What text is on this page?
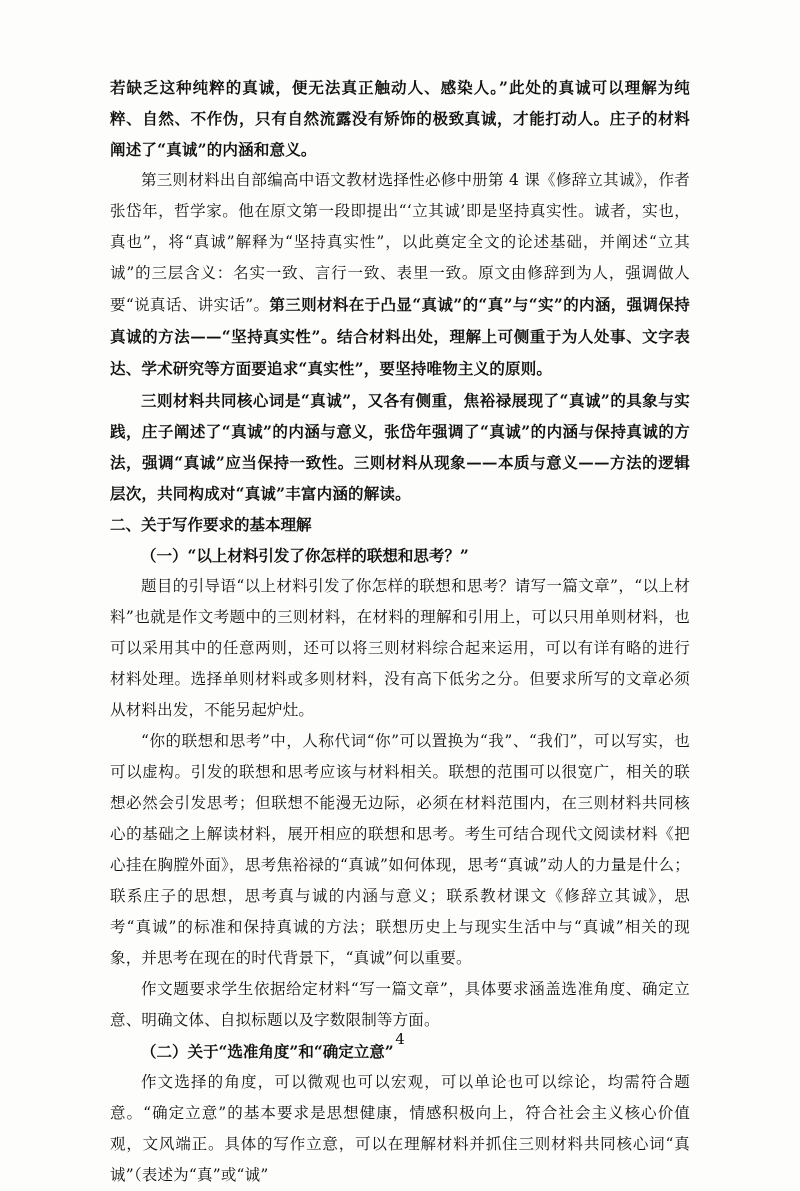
若缺乏这种纯粹的真诚，便无法真正触动人、感染人。”此处的真诚可以理解为纯粹、自然、不作伪，只有自然流露没有矫饰的极致真诚，才能打动人。庄子的材料阐述了“真诚”的内涵和意义。

第三则材料出自部编高中语文教材选择性必修中册第 4 课《修辞立其诚》，作者张岱年，哲学家。他在原文第一段即提出“‘立其诚’即是坚持真实性。诚者，实也，真也”，将“真诚”解释为“坚持真实性”，以此奠定全文的论述基础，并阐述“立其诚”的三层含义：名实一致、言行一致、表里一致。原文由修辞到为人，强调做人要“说真话、讲实话”。第三则材料在于凸显“真诚”的“真”与“实”的内涵，强调保持真诚的方法——“坚持真实性”。结合材料出处，理解上可侧重于为人处事、文字表达、学术研究等方面要追求“真实性”，要坚持唯物主义的原则。

三则材料共同核心词是“真诚”，又各有侧重，焦裕禄展现了“真诚”的具象与实践，庄子阐述了“真诚”的内涵与意义，张岱年强调了“真诚”的内涵与保持真诚的方法，强调“真诚”应当保持一致性。三则材料从现象——本质与意义——方法的逻辑层次，共同构成对“真诚”丰富内涵的解读。

二、关于写作要求的基本理解

（一）“以上材料引发了你怎样的联想和思考？”

题目的引导语“以上材料引发了你怎样的联想和思考？请写一篇文章”，“以上材料”也就是作文考题中的三则材料，在材料的理解和引用上，可以只用单则材料，也可以采用其中的任意两则，还可以将三则材料综合起来运用，可以有详有略的进行材料处理。选择单则材料或多则材料，没有高下低劣之分。但要求所写的文章必须从材料出发，不能另起炉灶。

“你的联想和思考”中，人称代词“你”可以置换为“我”、“我们”，可以写实，也可以虚构。引发的联想和思考应该与材料相关。联想的范围可以很宽广，相关的联想必然会引发思考；但联想不能漫无边际，必须在材料范围内，在三则材料共同核心的基础之上解读材料，展开相应的联想和思考。考生可结合现代文阅读材料《把心挂在胸膛外面》，思考焦裕禄的“真诚”如何体现，思考“真诚”动人的力量是什么；联系庄子的思想，思考真与诚的内涵与意义；联系教材课文《修辞立其诚》，思考“真诚”的标准和保持真诚的方法；联想历史上与现实生活中与“真诚”相关的现象，并思考在现在的时代背景下，“真诚”何以重要。

作文题要求学生依据给定材料“写一篇文章”，具体要求涵盖选准角度、确定立意、明确文体、自拟标题以及字数限制等方面。

（二）关于“选准角度”和“确定立意”

作文选择的角度，可以微观也可以宏观，可以单论也可以综论，均需符合题意。“确定立意”的基本要求是思想健康，情感积极向上，符合社会主义核心价值观，文风端正。具体的写作立意，可以在理解材料并抓住三则材料共同核心词“真诚”（表述为“真”或“诚”

4
